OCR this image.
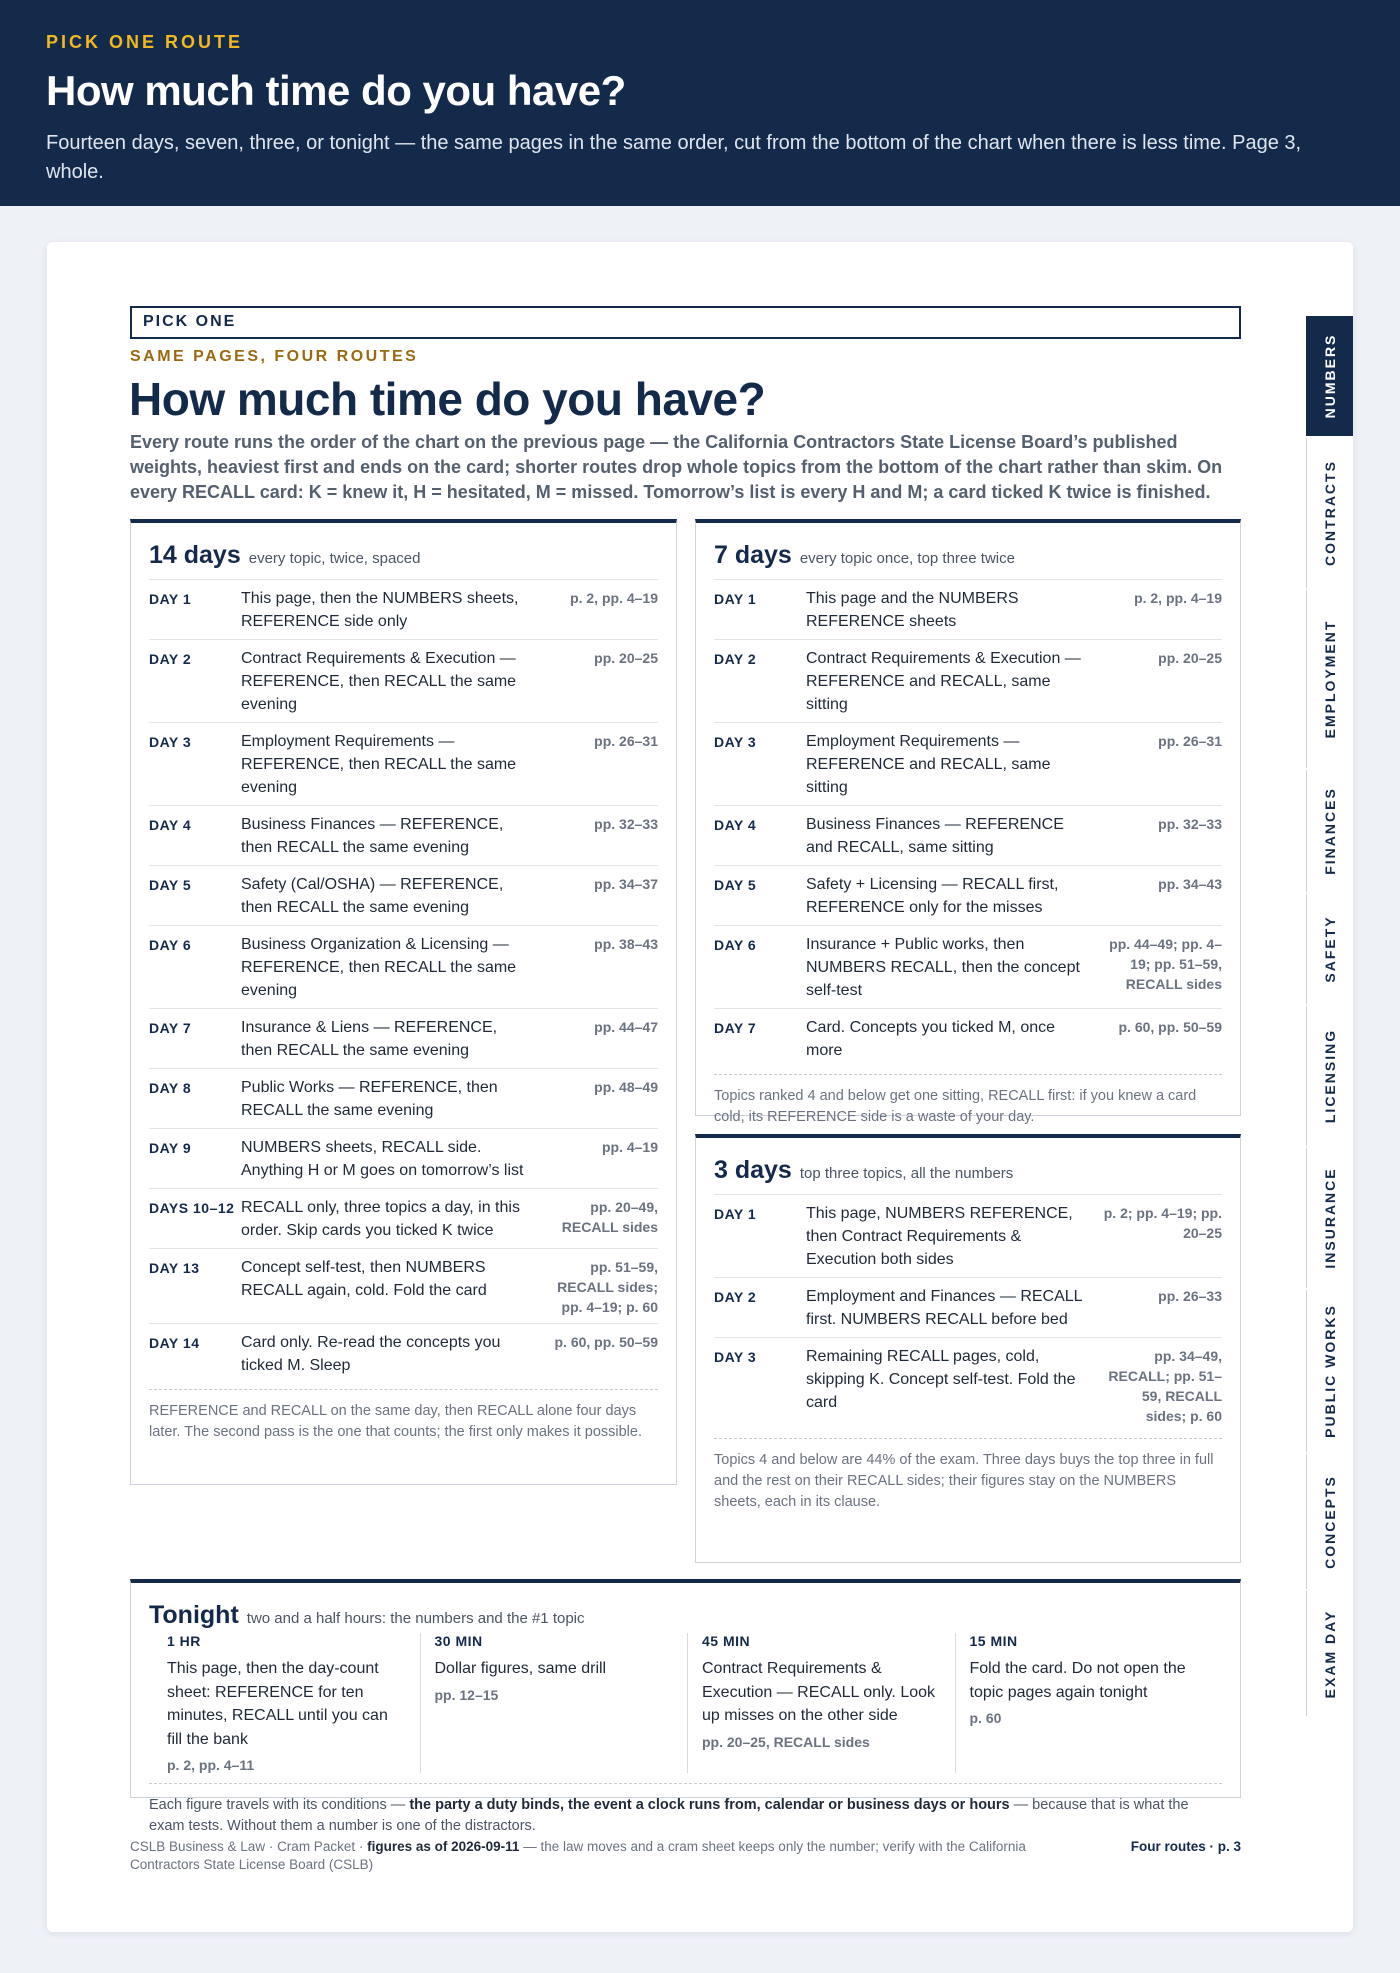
PICK ONE ROUTE
How much time do you have?

Fourteen days, seven, three, or tonight — the same pages in the same order, cut from the bottom of the chart when there is less time. Page 3, whole.

PICK ONE
SAME PAGES, FOUR ROUTES
How much time do you have?
Every route runs the order of the chart on the previous page — the California Contractors State License Board’s published weights, heaviest first and ends on the card; shorter routes drop whole topics from the bottom of the chart rather than skim. On every RECALL card: K = knew it, H = hesitated, M = missed. Tomorrow’s list is every H and M; a card ticked K twice is finished.
14 days every topic, twice, spaced
DAY 1	This page, then the NUMBERS sheets, REFERENCE side only
p. 2, pp. 4–19
DAY 2	Contract Requirements & Execution — REFERENCE, then RECALL the same evening
pp. 20–25
DAY 3	Employment Requirements — REFERENCE, then RECALL the same evening
pp. 26–31
DAY 4	Business Finances — REFERENCE, then RECALL the same evening
pp. 32–33
DAY 5	Safety (Cal/OSHA) — REFERENCE, then RECALL the same evening
pp. 34–37
DAY 6	Business Organization & Licensing — REFERENCE, then RECALL the same evening
pp. 38–43
DAY 7	Insurance & Liens — REFERENCE, then RECALL the same evening
pp. 44–47
DAY 8	Public Works — REFERENCE, then RECALL the same evening
pp. 48–49
DAY 9	NUMBERS sheets, RECALL side. Anything H or M goes on tomorrow’s list
pp. 4–19
DAYS 10–12 RECALL only, three topics a day, in this order. Skip cards you ticked K twice
pp. 20–49, RECALL sides
DAY 13	Concept self-test, then NUMBERS RECALL again, cold. Fold the card
pp. 51–59, RECALL sides; pp. 4–19; p. 60
DAY 14	Card only. Re-read the concepts you ticked M. Sleep
p. 60, pp. 50–59
REFERENCE and RECALL on the same day, then RECALL alone four days later. The second pass is the one that counts; the first only makes it possible.
7 days every topic once, top three twice
DAY 1	This page and the NUMBERS REFERENCE sheets
p. 2, pp. 4–19
DAY 2	Contract Requirements & Execution — REFERENCE and RECALL, same sitting
pp. 20–25
DAY 3	Employment Requirements — REFERENCE and RECALL, same sitting
pp. 26–31
DAY 4	Business Finances — REFERENCE and RECALL, same sitting
pp. 32–33
DAY 5	Safety + Licensing — RECALL first, REFERENCE only for the misses
pp. 34–43
DAY 6	Insurance + Public works, then NUMBERS RECALL, then the concept self-test
pp. 44–49; pp. 4–19; pp. 51–59, RECALL sides
DAY 7	Card. Concepts you ticked M, once more
p. 60, pp. 50–59
Topics ranked 4 and below get one sitting, RECALL first: if you knew a card cold, its REFERENCE side is a waste of your day.
3 days top three topics, all the numbers
DAY 1	This page, NUMBERS REFERENCE, then Contract Requirements & Execution both sides
p. 2; pp. 4–19; pp. 20–25
DAY 2	Employment and Finances — RECALL first. NUMBERS RECALL before bed
pp. 26–33
DAY 3	Remaining RECALL pages, cold, skipping K. Concept self-test. Fold the card
pp. 34–49, RECALL; pp. 51–59, RECALL sides; p. 60
Topics 4 and below are 44% of the exam. Three days buys the top three in full and the rest on their RECALL sides; their figures stay on the NUMBERS sheets, each in its clause.
Tonight two and a half hours: the numbers and the #1 topic
1 HR
This page, then the day-count sheet: REFERENCE for ten minutes, RECALL until you can fill the bank
p. 2, pp. 4–11
30 MIN
Dollar figures, same drill
pp. 12–15
45 MIN
Contract Requirements & Execution — RECALL only. Look up misses on the other side
pp. 20–25, RECALL sides
15 MIN
Fold the card. Do not open the topic pages again tonight
p. 60
Each figure travels with its conditions — the party a duty binds, the event a clock runs from, calendar or business days or hours — because that is what the exam tests. Without them a number is one of the distractors.
CSLB Business & Law · Cram Packet · figures as of 2026-09-11 — the law moves and a cram sheet keeps only the number; verify with the California Contractors State License Board (CSLB)
Four routes · p. 3
NUMBERS
CONTRACTS
EMPLOYMENT
FINANCES
SAFETY
LICENSING
INSURANCE
PUBLIC WORKS
CONCEPTS
EXAM DAY
